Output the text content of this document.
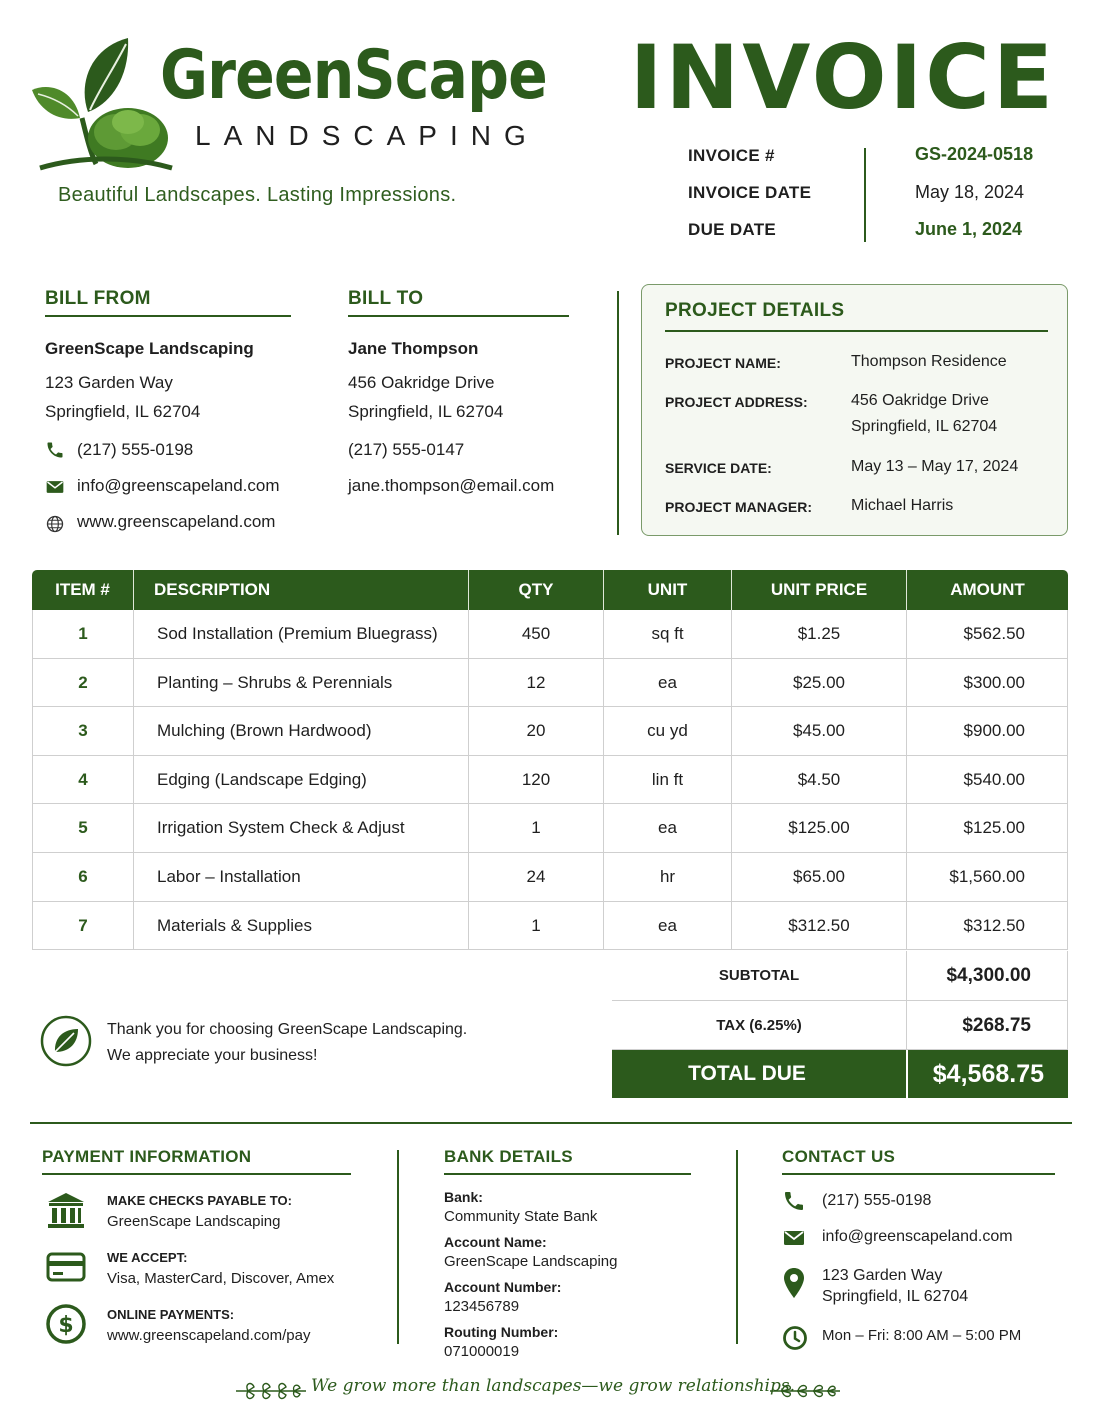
GreenScape
LANDSCAPING
Beautiful Landscapes. Lasting Impressions.
INVOICE
INVOICE #	GS-2024-0518
INVOICE DATE	May 18, 2024
DUE DATE	June 1, 2024
BILL FROM
GreenScape Landscaping
123 Garden Way
Springfield, IL 62704
(217) 555-0198
info@greenscapeland.com
www.greenscapeland.com
BILL TO
Jane Thompson
456 Oakridge Drive
Springfield, IL 62704
(217) 555-0147
jane.thompson@email.com
PROJECT DETAILS
PROJECT NAME:	Thompson Residence
PROJECT ADDRESS:	456 Oakridge Drive
Springfield, IL 62704
SERVICE DATE:	May 13 – May 17, 2024
PROJECT MANAGER: Michael Harris
ITEM #	DESCRIPTION	QTY	UNIT	UNIT PRICE	AMOUNT
1	Sod Installation (Premium Bluegrass)	450	sq ft	$1.25	$562.50
2	Planting – Shrubs & Perennials	12	ea	$25.00	$300.00
3	Mulching (Brown Hardwood)	20	cu yd	$45.00	$900.00
4	Edging (Landscape Edging)	120	lin ft	$4.50	$540.00
5	Irrigation System Check & Adjust	1	ea	$125.00	$125.00
6	Labor – Installation	24	hr	$65.00	$1,560.00
7	Materials & Supplies	1	ea	$312.50	$312.50
Thank you for choosing GreenScape Landscaping.
We appreciate your business!
SUBTOTAL	$4,300.00
TAX (6.25%)	$268.75
TOTAL DUE	$4,568.75
PAYMENT INFORMATION
MAKE CHECKS PAYABLE TO:
GreenScape Landscaping
WE ACCEPT:
Visa, MasterCard, Discover, Amex
$	ONLINE PAYMENTS:
www.greenscapeland.com/pay
BANK DETAILS
Bank:
Community State Bank
Account Name:
GreenScape Landscaping
Account Number:
123456789
Routing Number:
071000019
CONTACT US
(217) 555-0198
info@greenscapeland.com
123 Garden Way
Springfield, IL 62704
Mon – Fri: 8:00 AM – 5:00 PM
We grow more than landscapes—we grow relationships.
